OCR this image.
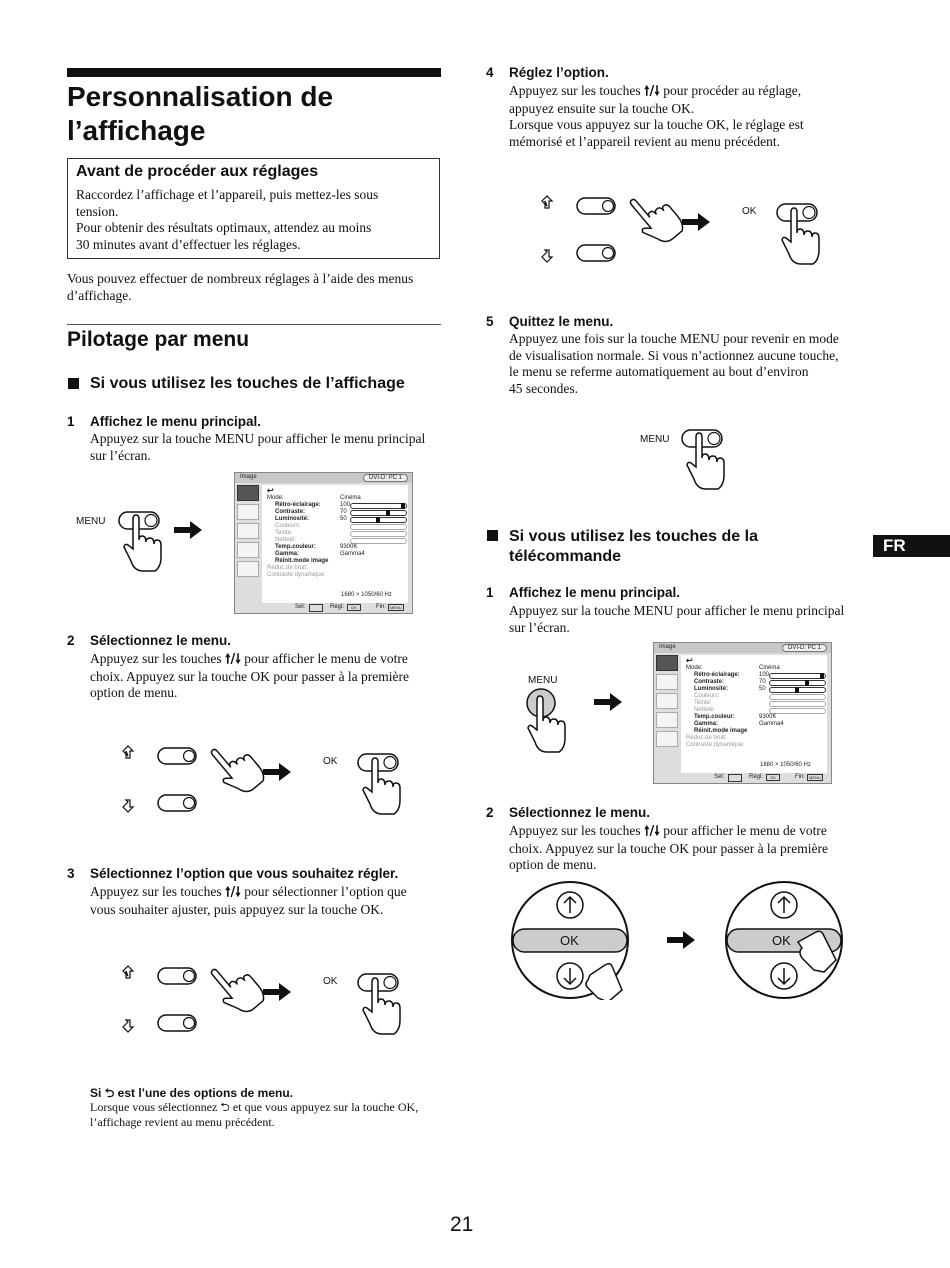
Personnalisation de
l’affichage
Avant de procéder aux réglages
Raccordez l’affichage et l’appareil, puis mettez-les sous
tension.
Pour obtenir des résultats optimaux, attendez au moins
30 minutes avant d’effectuer les réglages.
Vous pouvez effectuer de nombreux réglages à l’aide des menus
d’affichage.
Pilotage par menu
Si vous utilisez les touches de l’affichage
1 Affichez le menu principal.
Appuyez sur la touche MENU pour afficher le menu principal
sur l’écran.
MENU
Image	DVI-D: PC 1
↩
Mode:	Cinéma
Rétro-éclairage:	100
Contraste:	70
Luminosité:	50
Couleurs:
Teinte:
Netteté:
Temp.couleur:	9300K
Gamma:	Gamma4
Réinit.mode image
Réduc.de bruit:
Contraste dynamique:
1680 × 1050/60 Hz
Sél:	Régl:	OK	Fin: MENU
2 Sélectionnez le menu.
Appuyez sur les touches 🠕/🠗 pour afficher le menu de votre
choix. Appuyez sur la touche OK pour passer à la première
option de menu.
3 Sélectionnez l’option que vous souhaitez régler.
Appuyez sur les touches 🠕/🠗 pour sélectionner l’option que
vous souhaiter ajuster, puis appuyez sur la touche OK.
Si ⮌ est l’une des options de menu.
Lorsque vous sélectionnez ⮌ et que vous appuyez sur la touche OK,
l’affichage revient au menu précédent.
4 Réglez l’option.
Appuyez sur les touches 🠕/🠗 pour procéder au réglage,
appuyez ensuite sur la touche OK.
Lorsque vous appuyez sur la touche OK, le réglage est
mémorisé et l’appareil revient au menu précédent.
5 Quittez le menu.
Appuyez une fois sur la touche MENU pour revenir en mode
de visualisation normale. Si vous n’actionnez aucune touche,
le menu se referme automatiquement au bout d’environ
45 secondes.
MENU
Si vous utilisez les touches de la
télécommande
FR
1 Affichez le menu principal.
Appuyez sur la touche MENU pour afficher le menu principal
sur l’écran.
MENU
Image	DVI-D: PC 1
↩
Mode:	Cinéma
Rétro-éclairage:	100
Contraste:	70
Luminosité:	50
Couleurs:
Teinte:
Netteté:
Temp.couleur:	9300K
Gamma:	Gamma4
Réinit.mode image
Réduc.de bruit:
Contraste dynamique:
1680 × 1050/60 Hz
Sél:	Régl:	OK	Fin: MENU
2 Sélectionnez le menu.
Appuyez sur les touches 🠕/🠗 pour afficher le menu de votre
choix. Appuyez sur la touche OK pour passer à la première
option de menu.
OK	OK
OK
OK
OK
21
